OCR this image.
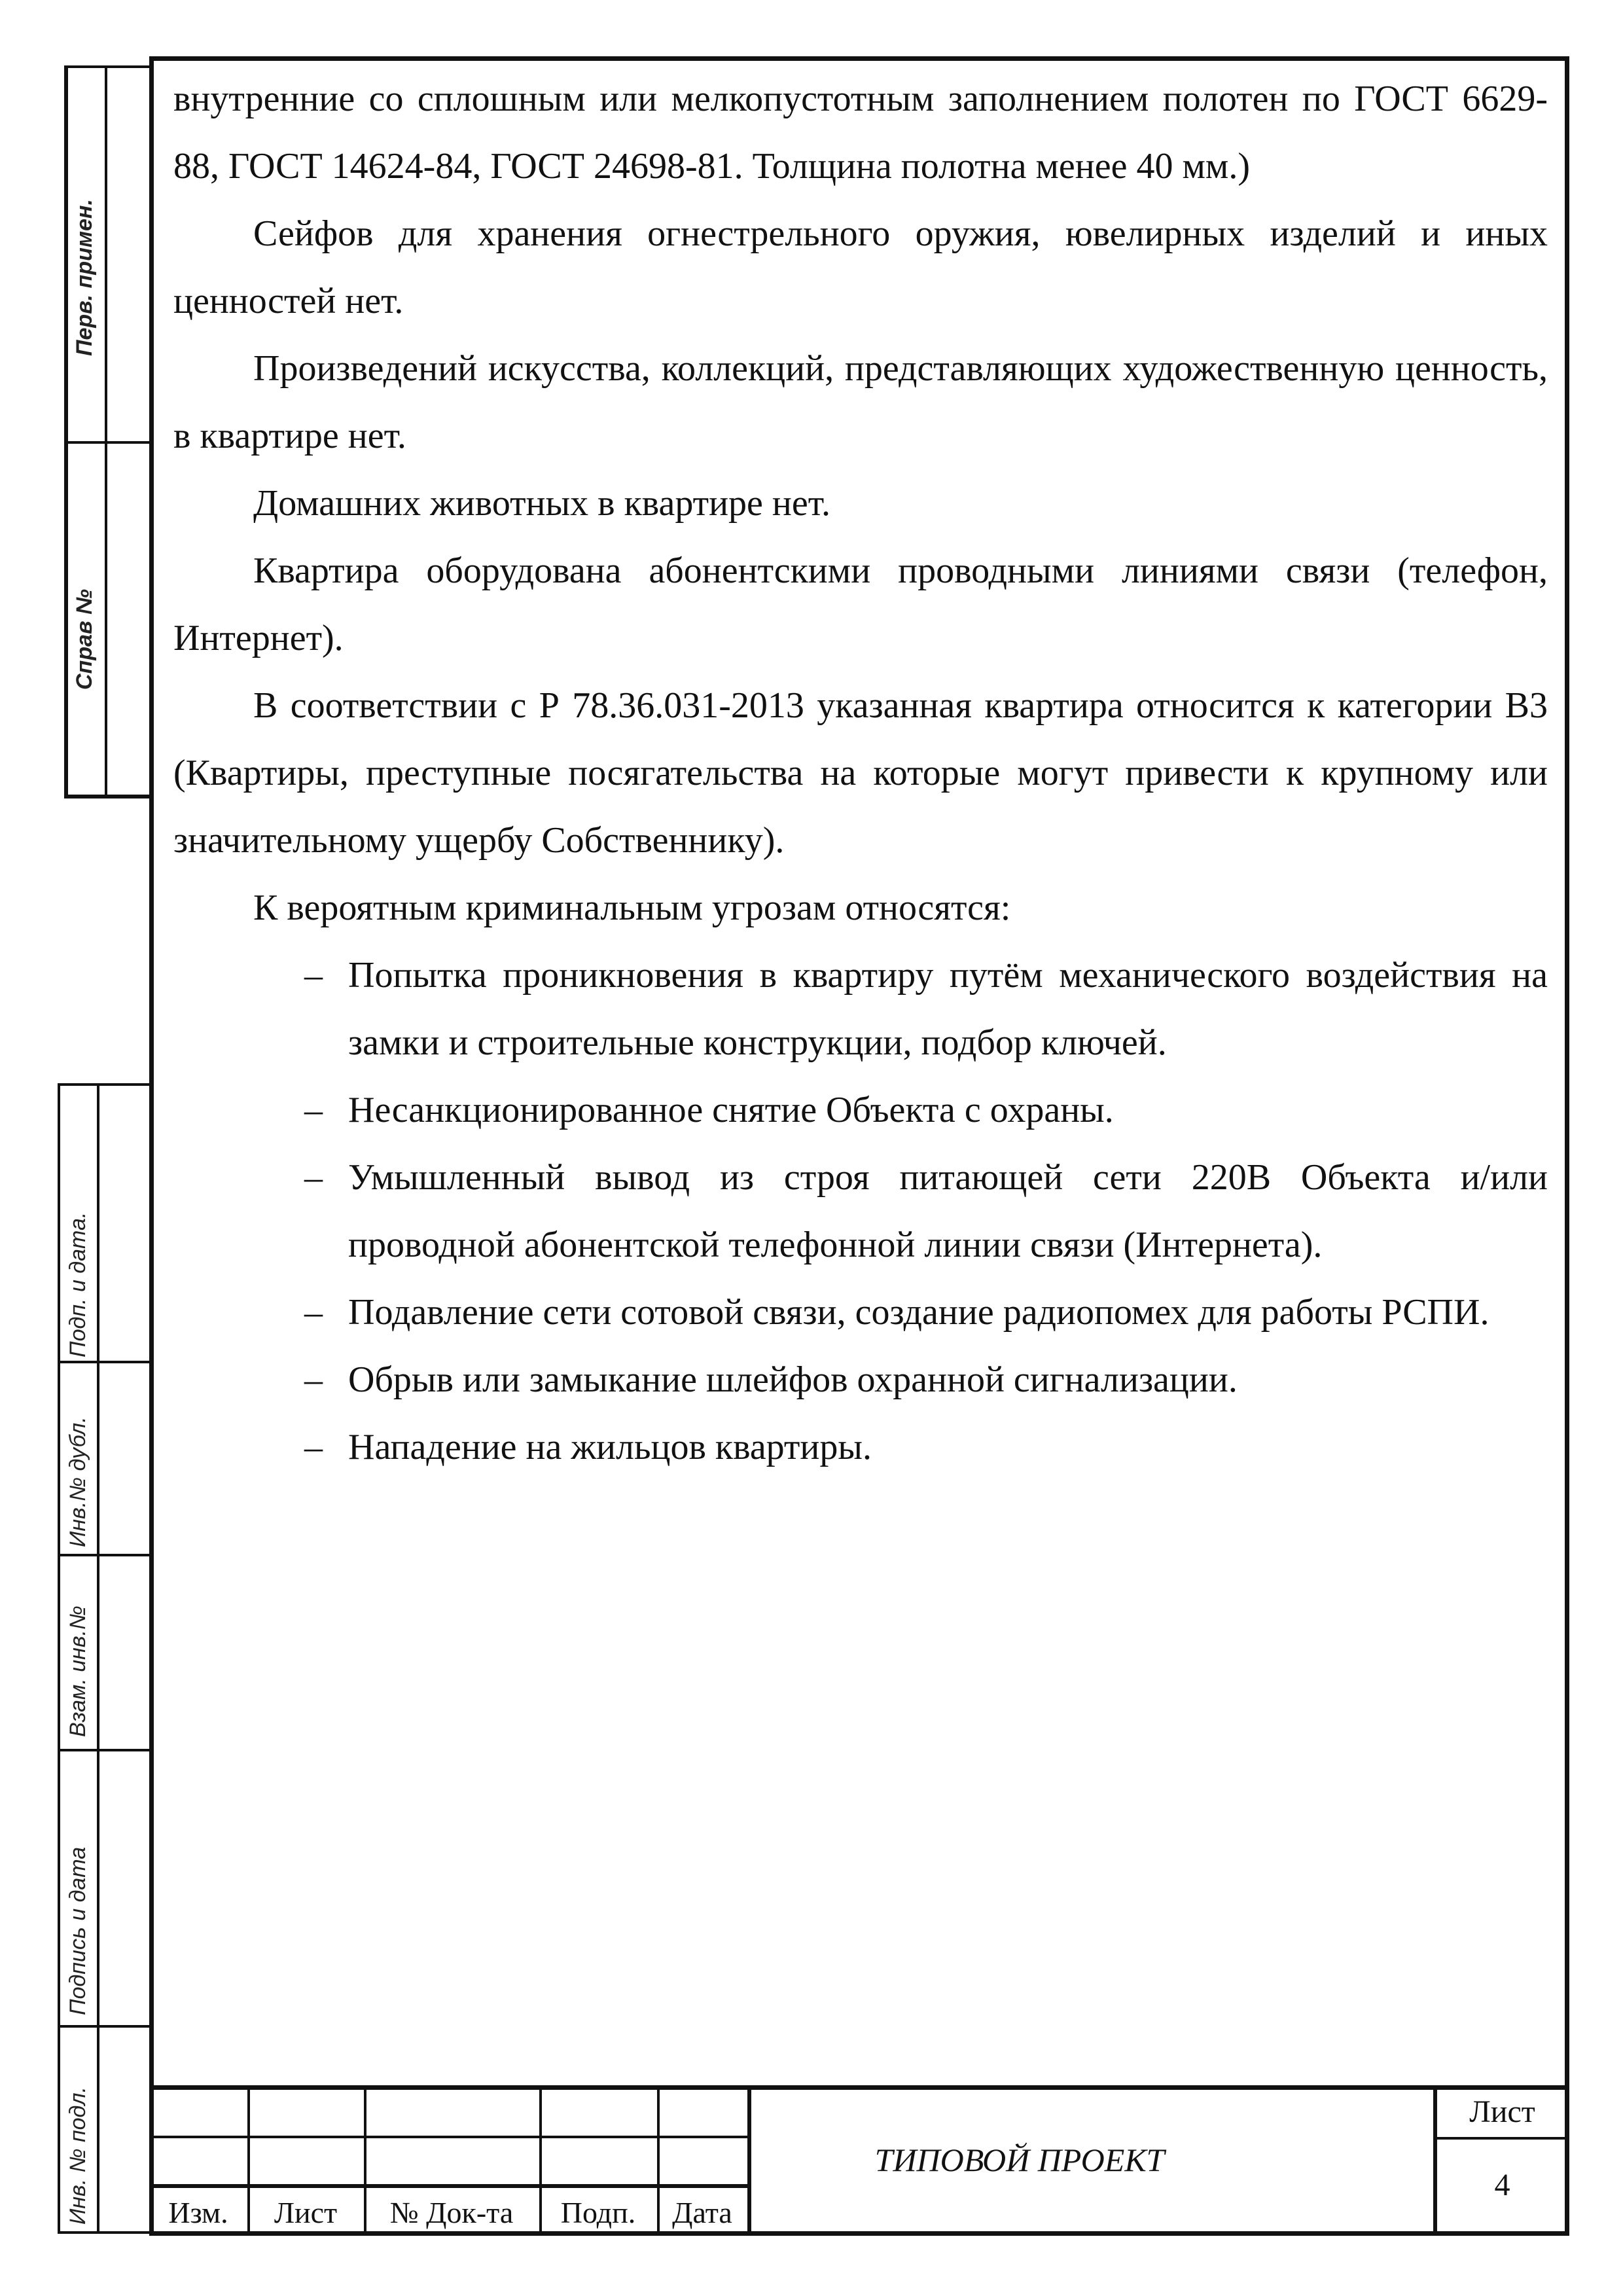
Перв. примен.
Справ №
Подп. и дата.
Инв.№ дубл.
Взам. инв.№
Подпись и дата
Инв. № подл.

внутренние со сплошным или мелкопустотным заполнением полотен по ГОСТ 6629-88, ГОСТ 14624-84, ГОСТ 24698-81. Толщина полотна менее 40 мм.)

Сейфов для хранения огнестрельного оружия, ювелирных изделий и иных ценностей нет.

Произведений искусства, коллекций, представляющих художественную ценность, в квартире нет.

Домашних животных в квартире нет.

Квартира оборудована абонентскими проводными линиями связи (телефон, Интернет).

В соответствии с Р 78.36.031-2013 указанная квартира относится к категории В3 (Квартиры, преступные посягательства на которые могут привести к крупному или значительному ущербу Собственнику).

К вероятным криминальным угрозам относятся:

– Попытка проникновения в квартиру путём механического воздействия на замки и строительные конструкции, подбор ключей.
– Несанкционированное снятие Объекта с охраны.
– Умышленный вывод из строя питающей сети 220В Объекта и/или проводной абонентской телефонной линии связи (Интернета).
– Подавление сети сотовой связи, создание радиопомех для работы РСПИ.
– Обрыв или замыкание шлейфов охранной сигнализации.
– Нападение на жильцов квартиры.
Изм.	Лист	№ Док-та	Подп.	Дата
ТИПОВОЙ ПРОЕКТ
Лист
4
